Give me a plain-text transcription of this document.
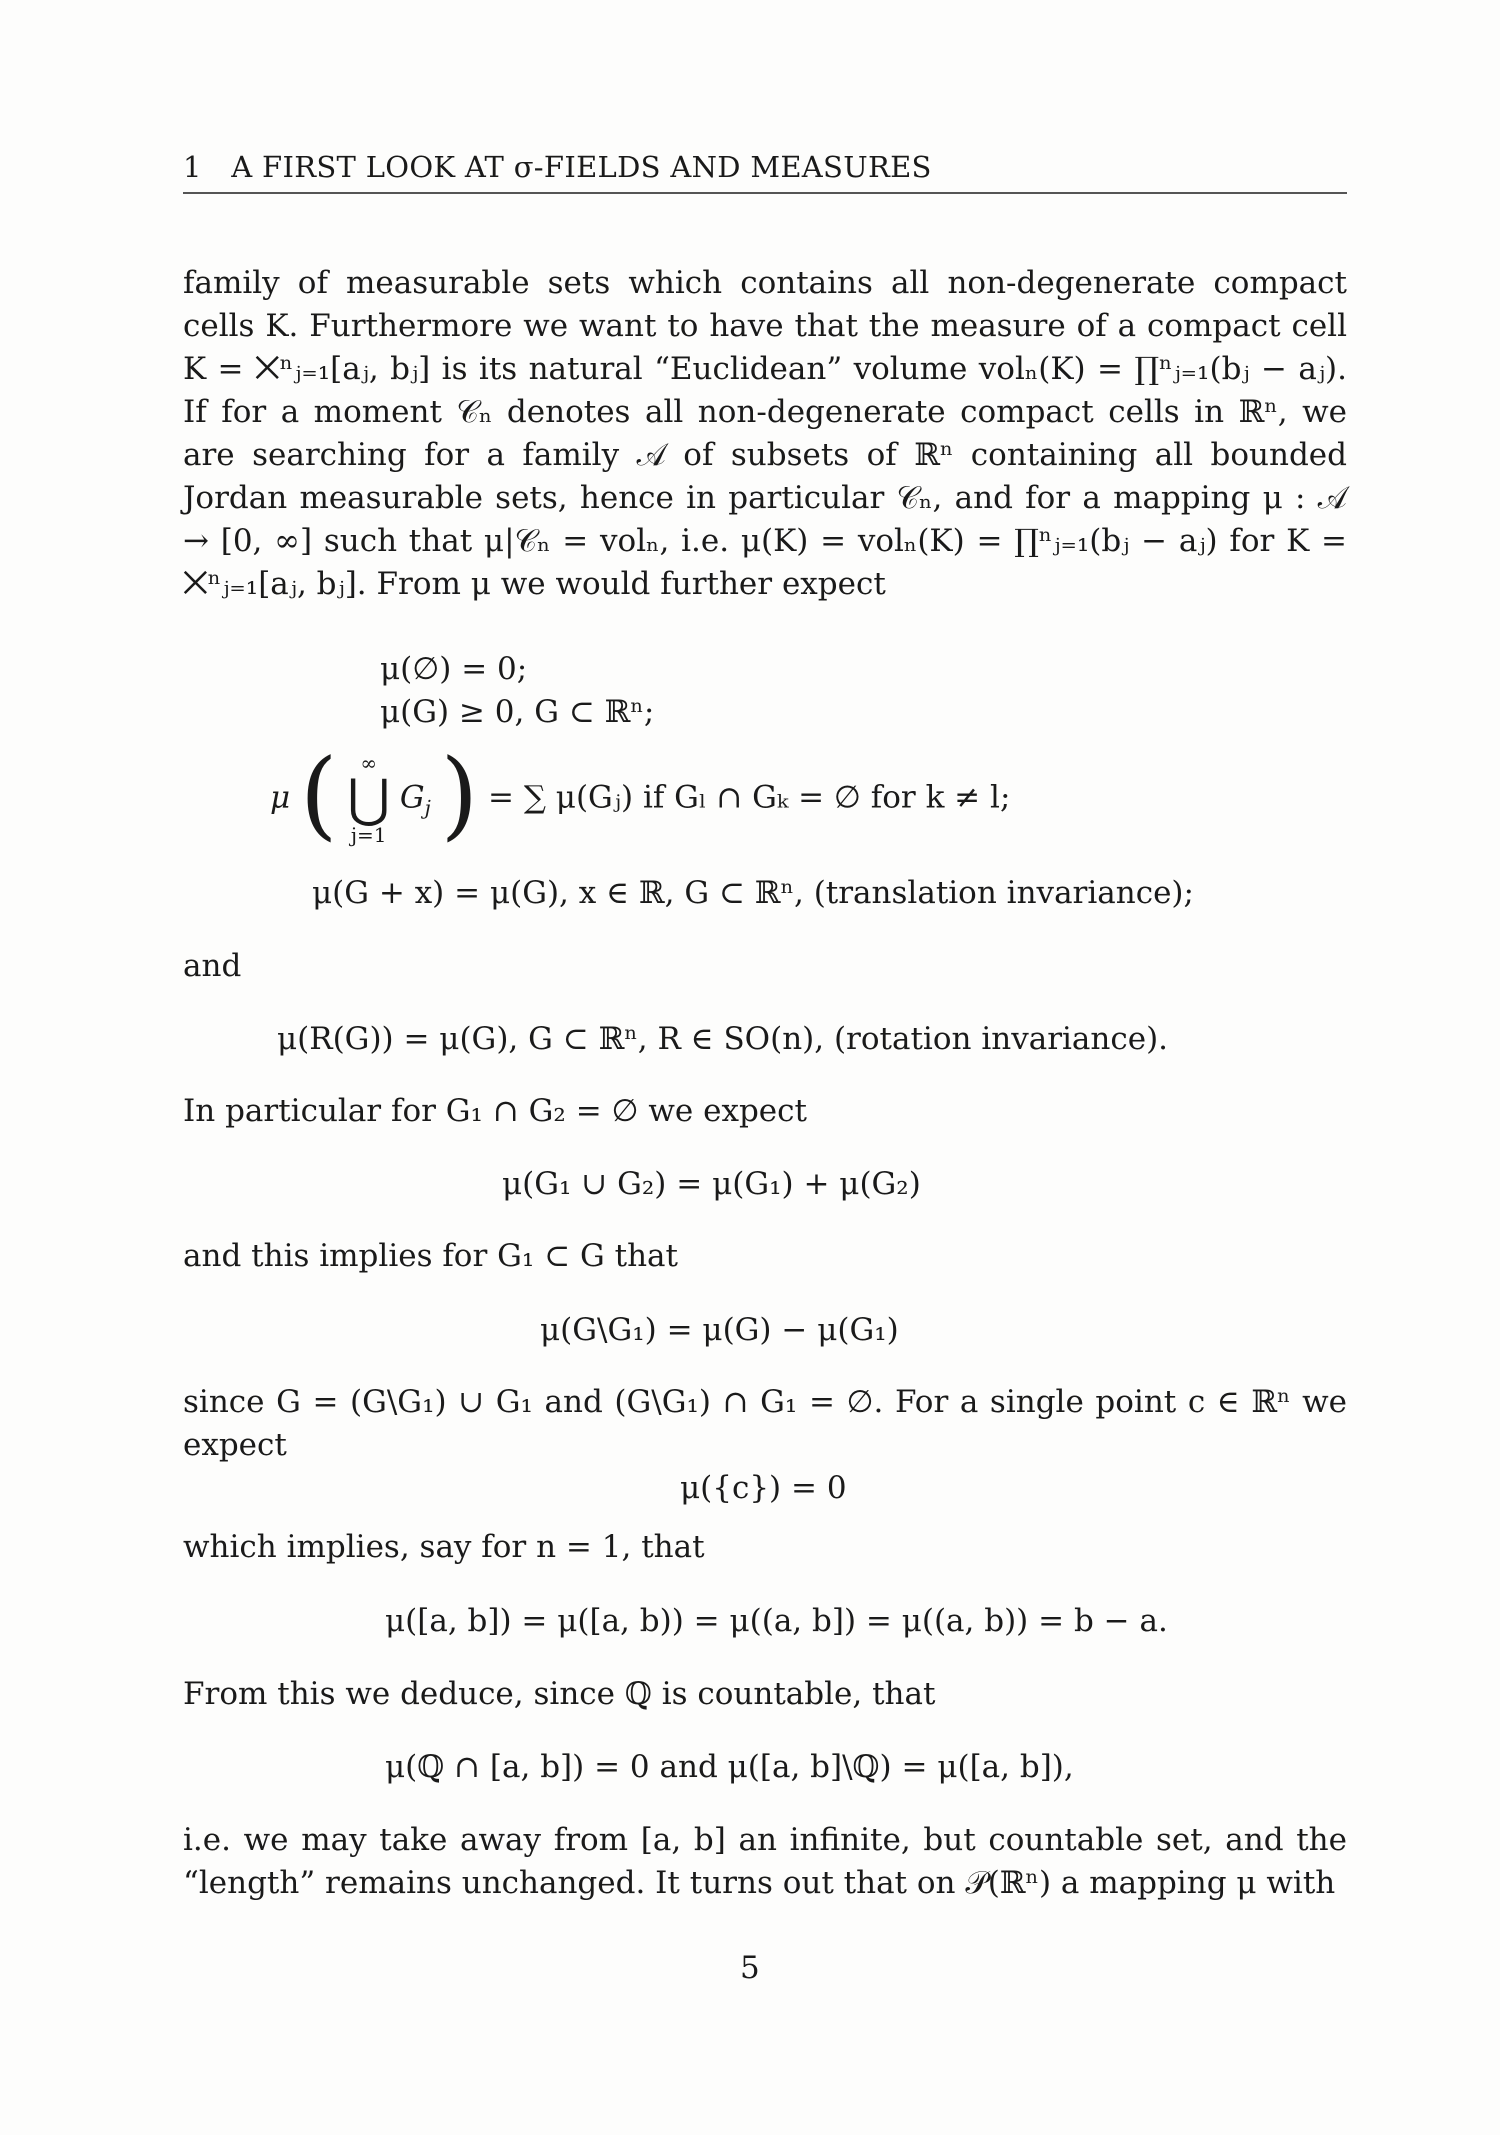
1 A FIRST LOOK AT σ-FIELDS AND MEASURES

family of measurable sets which contains all non-degenerate compact cells K. Furthermore we want to have that the measure of a compact cell K = ⨉ⁿⱼ₌₁[aⱼ, bⱼ] is its natural “Euclidean” volume volₙ(K) = ∏ⁿⱼ₌₁(bⱼ − aⱼ). If for a moment 𝒞ₙ denotes all non-degenerate compact cells in ℝⁿ, we are searching for a family 𝒜 of subsets of ℝⁿ containing all bounded Jordan measurable sets, hence in particular 𝒞ₙ, and for a mapping μ : 𝒜 → [0, ∞] such that μ|𝒞ₙ = volₙ, i.e. μ(K) = volₙ(K) = ∏ⁿⱼ₌₁(bⱼ − aⱼ) for K = ⨉ⁿⱼ₌₁[aⱼ, bⱼ]. From μ we would further expect

μ(∅) = 0;
μ(G) ≥ 0, G ⊂ ℝⁿ;
μ (	∞
⋃
j=1
$G_j$ ) = ∑ μ(Gⱼ) if Gₗ ∩ Gₖ = ∅ for k ≠ l;
μ(G + x) = μ(G), x ∈ ℝ, G ⊂ ℝⁿ, (translation invariance);

and

μ(R(G)) = μ(G), G ⊂ ℝⁿ, R ∈ SO(n), (rotation invariance).

In particular for G₁ ∩ G₂ = ∅ we expect

μ(G₁ ∪ G₂) = μ(G₁) + μ(G₂)

and this implies for G₁ ⊂ G that

μ(G\G₁) = μ(G) − μ(G₁)

since G = (G\G₁) ∪ G₁ and (G\G₁) ∩ G₁ = ∅. For a single point c ∈ ℝⁿ we expect

μ({c}) = 0

which implies, say for n = 1, that

μ([a, b]) = μ([a, b)) = μ((a, b]) = μ((a, b)) = b − a.

From this we deduce, since ℚ is countable, that

μ(ℚ ∩ [a, b]) = 0 and μ([a, b]\ℚ) = μ([a, b]),

i.e. we may take away from [a, b] an infinite, but countable set, and the “length” remains unchanged. It turns out that on 𝒫(ℝⁿ) a mapping μ with

5
